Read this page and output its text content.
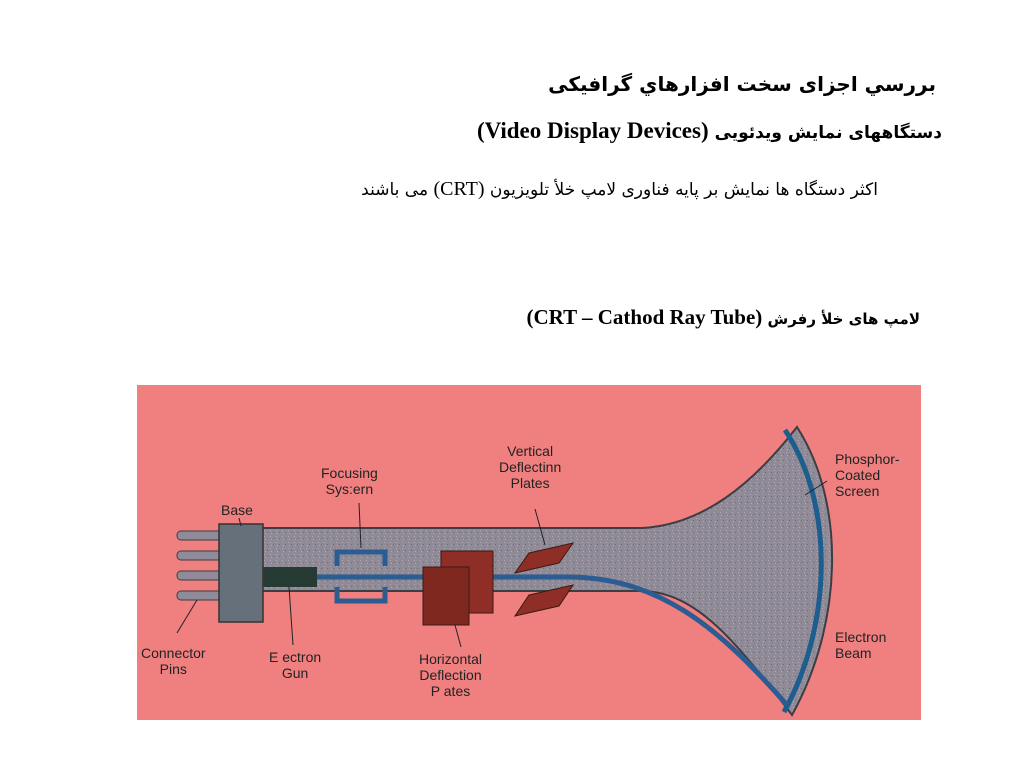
بررسي اجزای سخت افزارهاي گرافيکی
دستگاههای نمایش ویدئویی (Video Display Devices)
اکثر دستگاه ها نمایش بر پایه فناوری لامپ خلأ تلویزیون (CRT) می باشند
لامپ های خلأ رفرش (CRT – Cathod Ray Tube)
Base
Focusing
Sys:ern
Vertical
Deflectinn
Plates
Phosphor-
Coated
Screen
Connector
Pins
E ectron
Gun
Horizontal
Deflection
P ates
Electron
Beam
